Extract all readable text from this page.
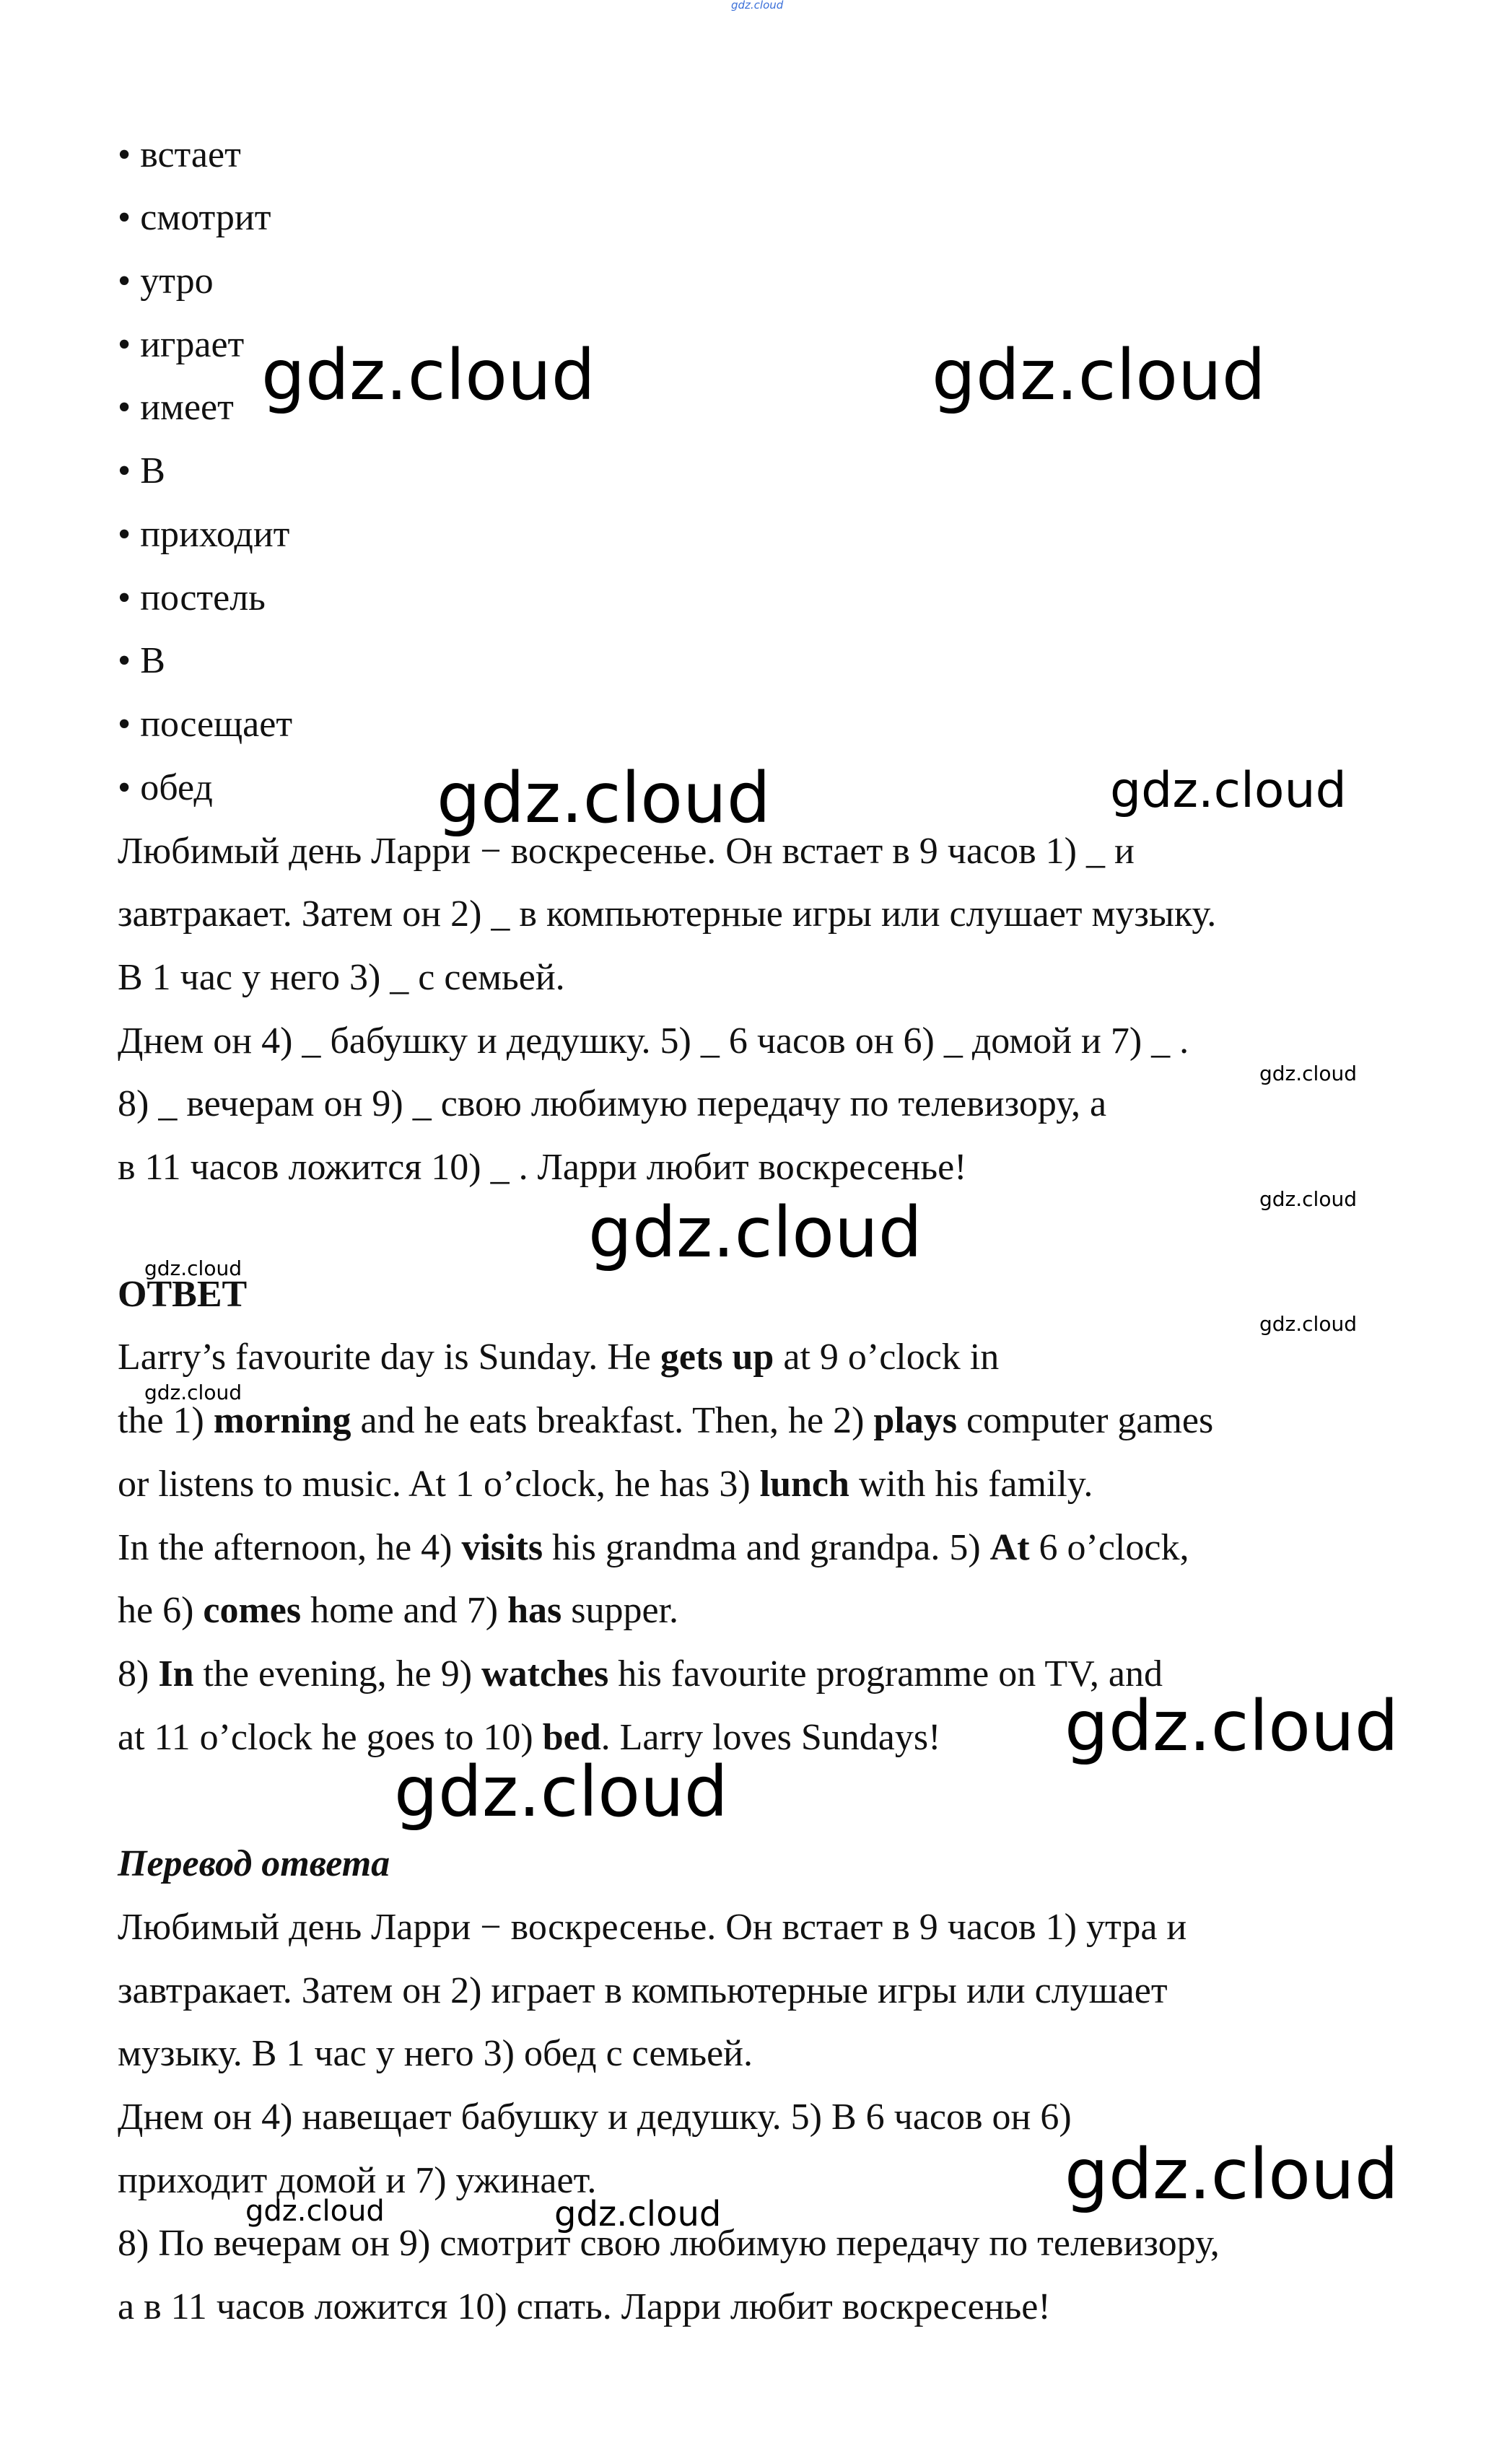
• встает
• смотрит
• утро
• играет
• имеет
• В
• приходит
• постель
• В
• посещает
• обед
Любимый день Ларри − воскресенье. Он встает в 9 часов 1) _ и
завтракает. Затем он 2) _ в компьютерные игры или слушает музыку.
В 1 час у него 3) _ с семьей.
Днем он 4) _ бабушку и дедушку. 5) _ 6 часов он 6) _ домой и 7) _ .
8) _ вечерам он 9) _ свою любимую передачу по телевизору, а
в 11 часов ложится 10) _ . Ларри любит воскресенье!
ОТВЕТ
Larry’s favourite day is Sunday. He gets up at 9 o’clock in
the 1) morning and he eats breakfast. Then, he 2) plays computer games
or listens to music. At 1 o’clock, he has 3) lunch with his family.
In the afternoon, he 4) visits his grandma and grandpa. 5) At 6 o’clock,
he 6) comes home and 7) has supper.
8) In the evening, he 9) watches his favourite programme on TV, and
at 11 o’clock he goes to 10) bed. Larry loves Sundays!
Перевод ответа
Любимый день Ларри − воскресенье. Он встает в 9 часов 1) утра и
завтракает. Затем он 2) играет в компьютерные игры или слушает
музыку. В 1 час у него 3) обед с семьей.
Днем он 4) навещает бабушку и дедушку. 5) В 6 часов он 6)
приходит домой и 7) ужинает.
8) По вечерам он 9) смотрит свою любимую передачу по телевизору,
а в 11 часов ложится 10) спать. Ларри любит воскресенье!
gdz.cloud
gdz.cloud	gdz.cloud
gdz.cloud	gdz.cloud
gdz.cloud
gdz.cloud
gdz.cloud
gdz.cloud
gdz.cloud
gdz.cloud
gdz.cloud
gdz.cloud
gdz.cloud
gdz.cloud	gdz.cloud
